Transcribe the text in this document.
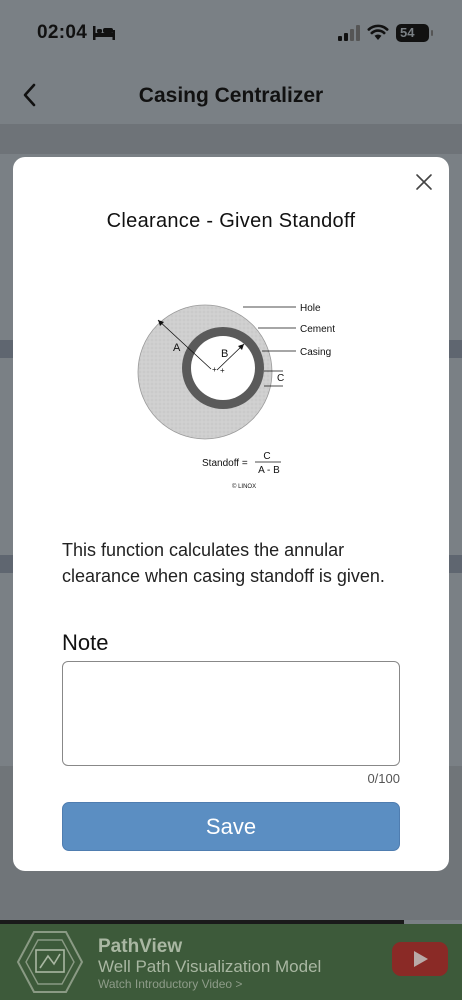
02:04	54
Casing Centralizer
Clearance - Given Standoff
+ +
A	B
C
Hole
Cement
Casing
Standoff =
C
A - B
© LINOX
This function calculates the annular clearance when casing standoff is given.
Note
0/100
Save
PathView
Well Path Visualization Model
Watch Introductory Video >
